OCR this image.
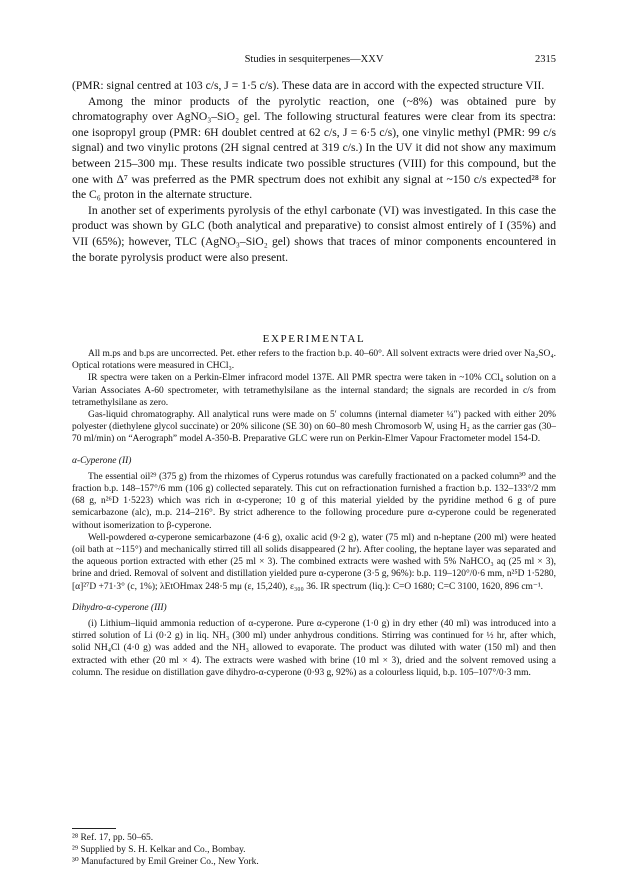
Studies in sesquiterpenes—XXV	2315

(PMR: signal centred at 103 c/s, J = 1·5 c/s). These data are in accord with the expected structure VII.

Among the minor products of the pyrolytic reaction, one (~8%) was obtained pure by chromatography over AgNO₃–SiO₂ gel. The following structural features were clear from its spectra: one isopropyl group (PMR: 6H doublet centred at 62 c/s, J = 6·5 c/s), one vinylic methyl (PMR: 99 c/s signal) and two vinylic protons (2H signal centred at 319 c/s.) In the UV it did not show any maximum between 215–300 mμ. These results indicate two possible structures (VIII) for this compound, but the one with Δ⁷ was preferred as the PMR spectrum does not exhibit any signal at ~150 c/s expected²⁸ for the C₆ proton in the alternate structure.

In another set of experiments pyrolysis of the ethyl carbonate (VI) was investigated. In this case the product was shown by GLC (both analytical and preparative) to consist almost entirely of I (35%) and VII (65%); however, TLC (AgNO₃–SiO₂ gel) shows that traces of minor components encountered in the borate pyrolysis product were also present.

EXPERIMENTAL

All m.ps and b.ps are uncorrected. Pet. ether refers to the fraction b.p. 40–60°. All solvent extracts were dried over Na₂SO₄. Optical rotations were measured in CHCl₃.

IR spectra were taken on a Perkin-Elmer infracord model 137E. All PMR spectra were taken in ~10% CCl₄ solution on a Varian Associates A-60 spectrometer, with tetramethylsilane as the internal standard; the signals are recorded in c/s from tetramethylsilane as zero.

Gas-liquid chromatography. All analytical runs were made on 5′ columns (internal diameter ¼″) packed with either 20% polyester (diethylene glycol succinate) or 20% silicone (SE 30) on 60–80 mesh Chromosorb W, using H₂ as the carrier gas (30–70 ml/min) on “Aerograph” model A-350-B. Preparative GLC were run on Perkin-Elmer Vapour Fractometer model 154-D.

α-Cyperone (II)

The essential oil²⁹ (375 g) from the rhizomes of Cyperus rotundus was carefully fractionated on a packed column³⁰ and the fraction b.p. 148–157°/6 mm (106 g) collected separately. This cut on refractionation furnished a fraction b.p. 132–133°/2 mm (68 g, n²⁶D 1·5223) which was rich in α-cyperone; 10 g of this material yielded by the pyridine method 6 g of pure semicarbazone (alc), m.p. 214–216°. By strict adherence to the following procedure pure α-cyperone could be regenerated without isomerization to β-cyperone.

Well-powdered α-cyperone semicarbazone (4·6 g), oxalic acid (9·2 g), water (75 ml) and n-heptane (200 ml) were heated (oil bath at ~115°) and mechanically stirred till all solids disappeared (2 hr). After cooling, the heptane layer was separated and the aqueous portion extracted with ether (25 ml × 3). The combined extracts were washed with 5% NaHCO₃ aq (25 ml × 3), brine and dried. Removal of solvent and distillation yielded pure α-cyperone (3·5 g, 96%): b.p. 119–120°/0·6 mm, n²⁵D 1·5280, [α]²⁷D +71·3° (c, 1%); λEtOHmax 248·5 mμ (ε, 15,240), ε₃₀₀ 36. IR spectrum (liq.): C=O 1680; C=C 3100, 1620, 896 cm⁻¹.

Dihydro-α-cyperone (III)

(i) Lithium–liquid ammonia reduction of α-cyperone. Pure α-cyperone (1·0 g) in dry ether (40 ml) was introduced into a stirred solution of Li (0·2 g) in liq. NH₃ (300 ml) under anhydrous conditions. Stirring was continued for ½ hr, after which, solid NH₄Cl (4·0 g) was added and the NH₃ allowed to evaporate. The product was diluted with water (150 ml) and then extracted with ether (20 ml × 4). The extracts were washed with brine (10 ml × 3), dried and the solvent removed using a column. The residue on distillation gave dihydro-α-cyperone (0·93 g, 92%) as a colourless liquid, b.p. 105–107°/0·3 mm.

²⁸ Ref. 17, pp. 50–65.

²⁹ Supplied by S. H. Kelkar and Co., Bombay.

³⁰ Manufactured by Emil Greiner Co., New York.
